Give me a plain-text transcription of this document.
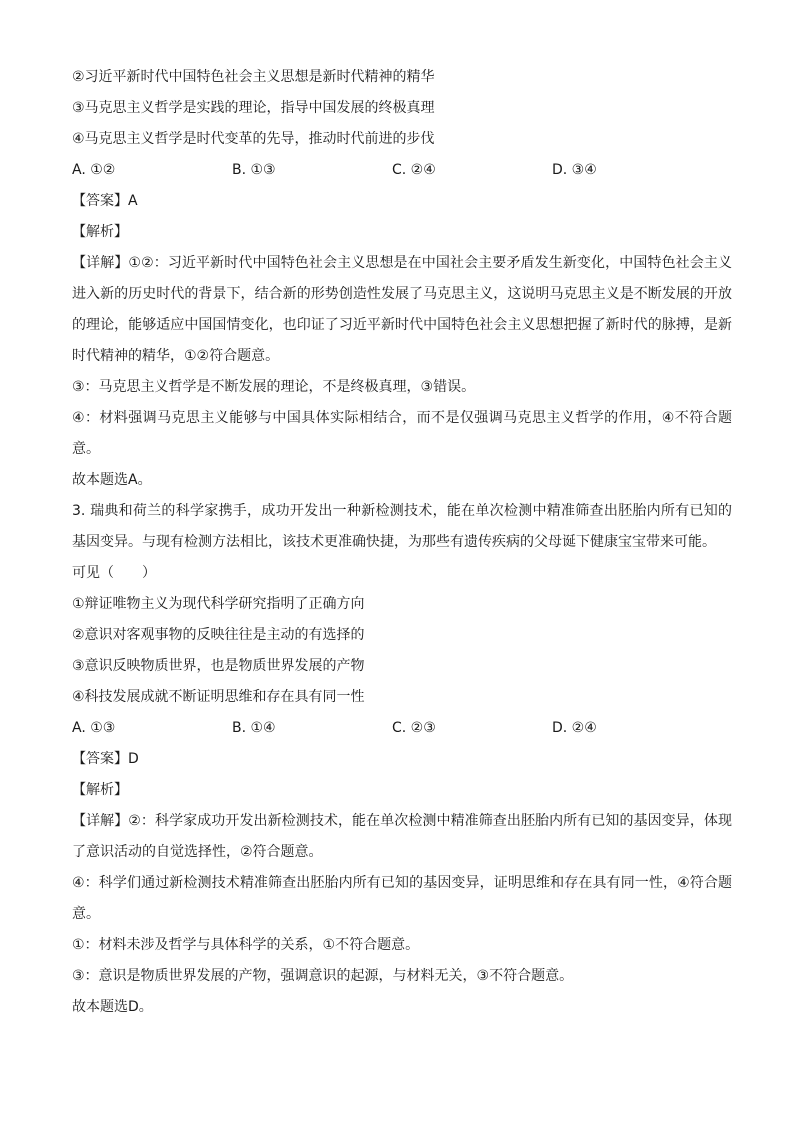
②习近平新时代中国特色社会主义思想是新时代精神的精华
③马克思主义哲学是实践的理论，指导中国发展的终极真理
④马克思主义哲学是时代变革的先导，推动时代前进的步伐
A. ①②	B. ①③	C. ②④	D. ③④
【答案】A
【解析】
【详解】①②：习近平新时代中国特色社会主义思想是在中国社会主要矛盾发生新变化，中国特色社会主义进入新的历史时代的背景下，结合新的形势创造性发展了马克思主义，这说明马克思主义是不断发展的开放的理论，能够适应中国国情变化，也印证了习近平新时代中国特色社会主义思想把握了新时代的脉搏，是新时代精神的精华，①②符合题意。
③：马克思主义哲学是不断发展的理论，不是终极真理，③错误。
④：材料强调马克思主义能够与中国具体实际相结合，而不是仅强调马克思主义哲学的作用，④不符合题意。
故本题选A。
3. 瑞典和荷兰的科学家携手，成功开发出一种新检测技术，能在单次检测中精准筛查出胚胎内所有已知的基因变异。与现有检测方法相比，该技术更准确快捷，为那些有遗传疾病的父母诞下健康宝宝带来可能。
可见（　　）
①辩证唯物主义为现代科学研究指明了正确方向
②意识对客观事物的反映往往是主动的有选择的
③意识反映物质世界，也是物质世界发展的产物
④科技发展成就不断证明思维和存在具有同一性
A. ①③	B. ①④	C. ②③	D. ②④
【答案】D
【解析】
【详解】②：科学家成功开发出新检测技术，能在单次检测中精准筛查出胚胎内所有已知的基因变异，体现了意识活动的自觉选择性，②符合题意。
④：科学们通过新检测技术精准筛查出胚胎内所有已知的基因变异，证明思维和存在具有同一性，④符合题意。
①：材料未涉及哲学与具体科学的关系，①不符合题意。
③：意识是物质世界发展的产物，强调意识的起源，与材料无关，③不符合题意。
故本题选D。
